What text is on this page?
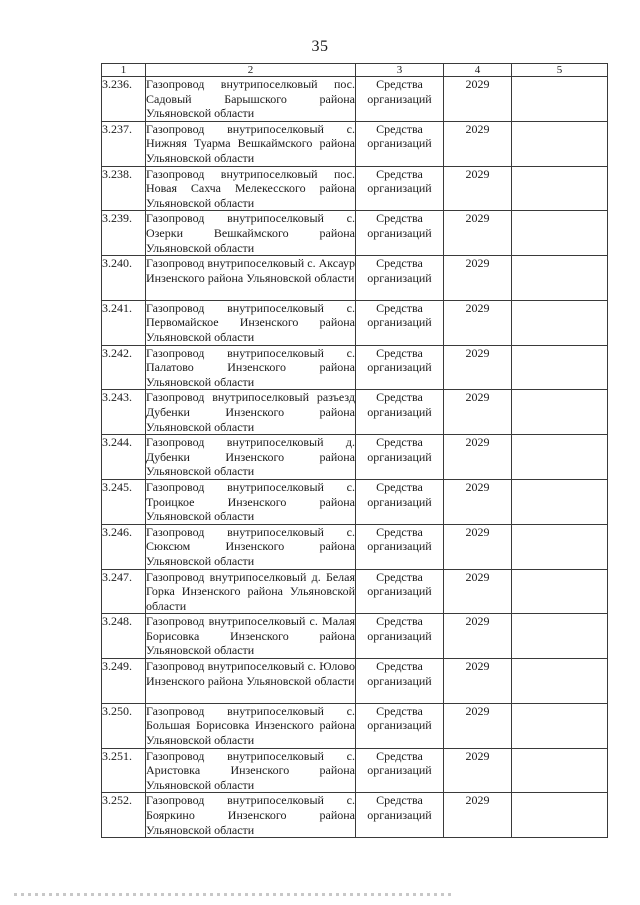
35
1	2	3	4	5
3.236.	Газопровод внутрипоселковый пос. Садовый Барышского района Ульяновской области	Средства организаций	2029	
3.237.	Газопровод внутрипоселковый с. Нижняя Туарма Вешкаймского района Ульяновской области	Средства организаций	2029	
3.238.	Газопровод внутрипоселковый пос. Новая Сахча Мелекесского района Ульяновской области	Средства организаций	2029	
3.239.	Газопровод внутрипоселковый с. Озерки Вешкаймского района Ульяновской области	Средства организаций	2029	
3.240.	Газопровод внутрипоселковый с. Аксаур Инзенского района Ульяновской области	Средства организаций	2029	
3.241.	Газопровод внутрипоселковый с. Первомайское Инзенского района Ульяновской области	Средства организаций	2029	
3.242.	Газопровод внутрипоселковый с. Палатово Инзенского района Ульяновской области	Средства организаций	2029	
3.243.	Газопровод внутрипоселковый разъезд Дубенки Инзенского района Ульяновской области	Средства организаций	2029	
3.244.	Газопровод внутрипоселковый д. Дубенки Инзенского района Ульяновской области	Средства организаций	2029	
3.245.	Газопровод внутрипоселковый с. Троицкое Инзенского района Ульяновской области	Средства организаций	2029	
3.246.	Газопровод внутрипоселковый с. Сюксюм Инзенского района Ульяновской области	Средства организаций	2029	
3.247.	Газопровод внутрипоселковый д. Белая Горка Инзенского района Ульяновской области	Средства организаций	2029	
3.248.	Газопровод внутрипоселковый с. Малая Борисовка Инзенского района Ульяновской области	Средства организаций	2029	
3.249.	Газопровод внутрипоселковый с. Юлово Инзенского района Ульяновской области	Средства организаций	2029	
3.250.	Газопровод внутрипоселковый с. Большая Борисовка Инзенского района Ульяновской области	Средства организаций	2029	
3.251.	Газопровод внутрипоселковый с. Аристовка Инзенского района Ульяновской области	Средства организаций	2029	
3.252.	Газопровод внутрипоселковый с. Бояркино Инзенского района Ульяновской области	Средства организаций	2029	
